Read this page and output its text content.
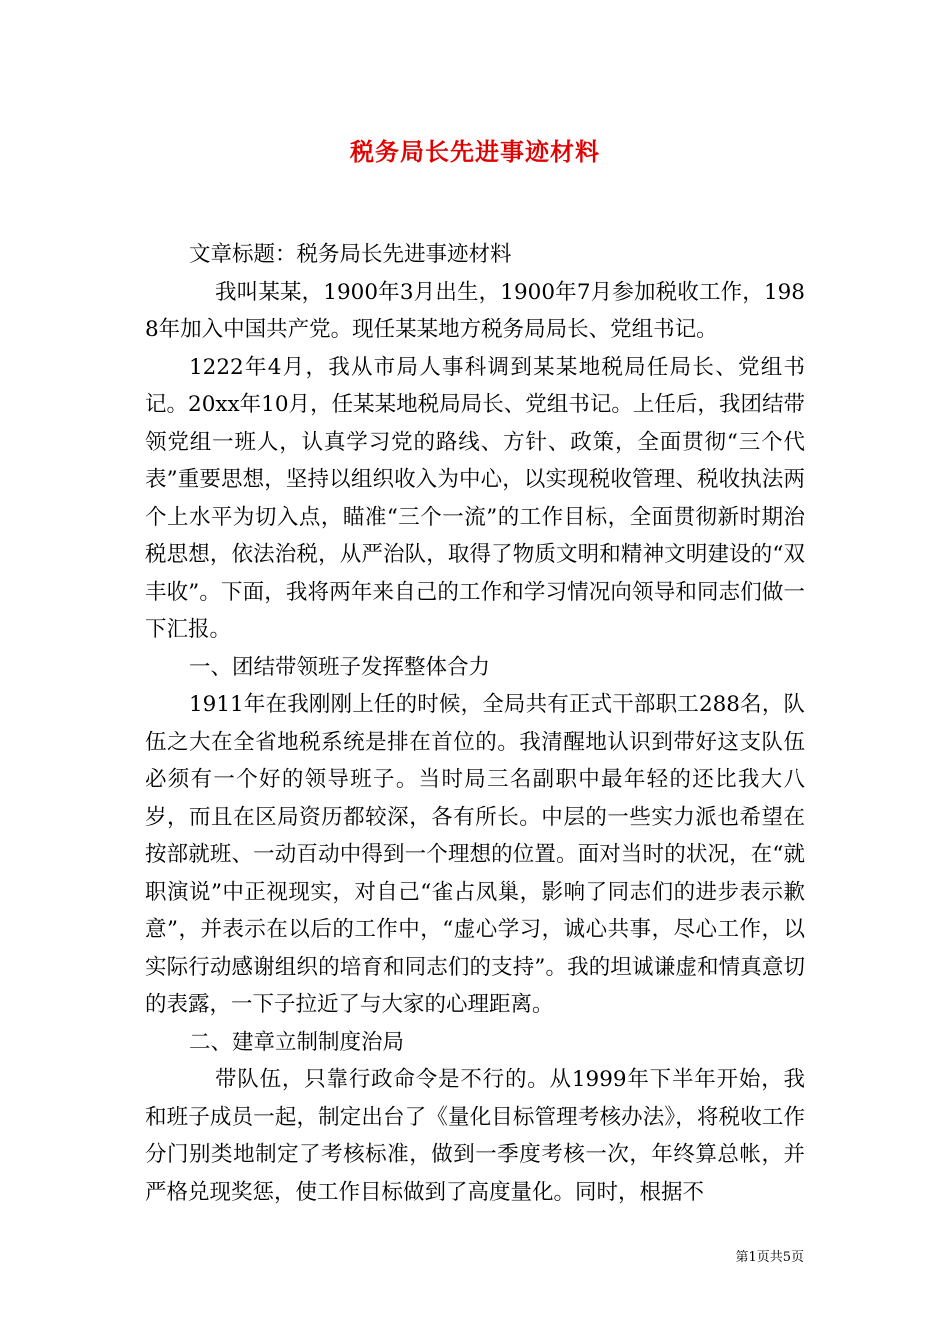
税务局长先进事迹材料

文章标题：税务局长先进事迹材料

我叫某某，1900年3月出生，1900年7月参加税收工作，1988年加入中国共产党。现任某某地方税务局局长、党组书记。

1222年4月，我从市局人事科调到某某地税局任局长、党组书记。20xx年10月，任某某地税局局长、党组书记。上任后，我团结带领党组一班人，认真学习党的路线、方针、政策，全面贯彻“三个代表”重要思想，坚持以组织收入为中心，以实现税收管理、税收执法两个上水平为切入点，瞄准“三个一流”的工作目标，全面贯彻新时期治税思想，依法治税，从严治队，取得了物质文明和精神文明建设的“双丰收”。下面，我将两年来自己的工作和学习情况向领导和同志们做一下汇报。

一、团结带领班子发挥整体合力

1911年在我刚刚上任的时候，全局共有正式干部职工288名，队伍之大在全省地税系统是排在首位的。我清醒地认识到带好这支队伍必须有一个好的领导班子。当时局三名副职中最年轻的还比我大八岁，而且在区局资历都较深，各有所长。中层的一些实力派也希望在按部就班、一动百动中得到一个理想的位置。面对当时的状况，在“就职演说”中正视现实，对自己“雀占凤巢，影响了同志们的进步表示歉意”，并表示在以后的工作中，“虚心学习，诚心共事，尽心工作，以实际行动感谢组织的培育和同志们的支持”。我的坦诚谦虚和情真意切的表露，一下子拉近了与大家的心理距离。

二、建章立制制度治局

带队伍，只靠行政命令是不行的。从1999年下半年开始，我和班子成员一起，制定出台了《量化目标管理考核办法》，将税收工作分门别类地制定了考核标准，做到一季度考核一次，年终算总帐，并严格兑现奖惩，使工作目标做到了高度量化。同时，根据不

第1页共5页
